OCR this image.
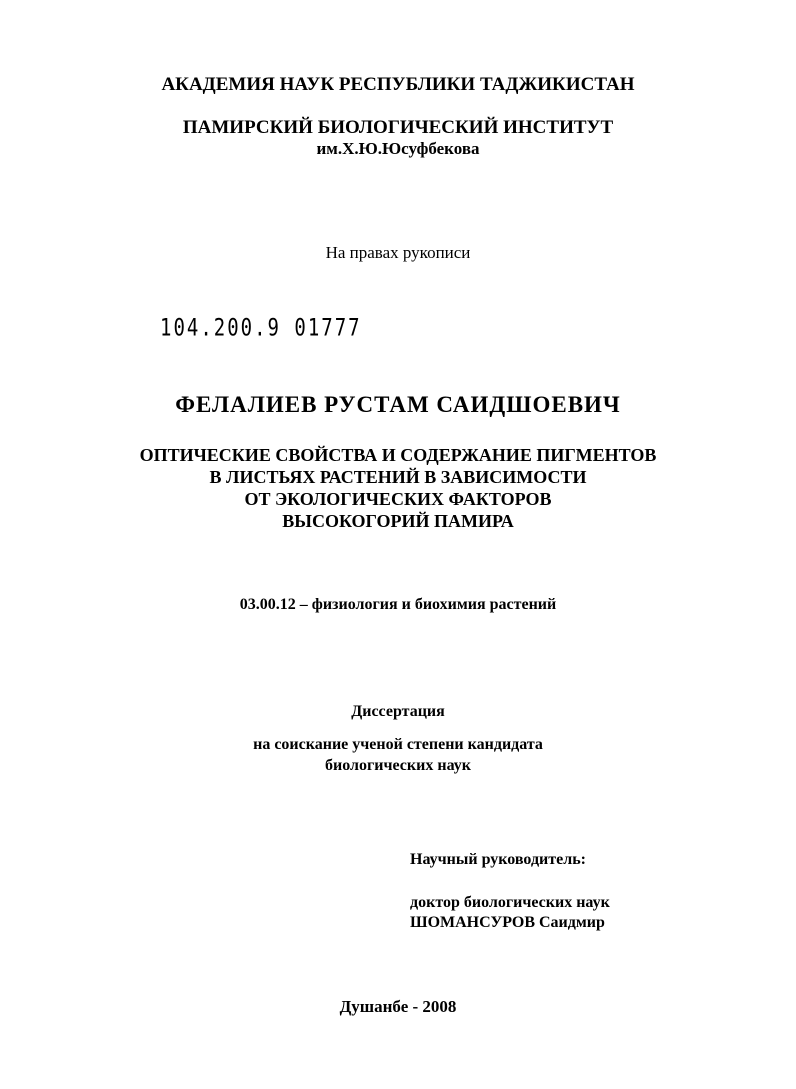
АКАДЕМИЯ НАУК РЕСПУБЛИКИ ТАДЖИКИСТАН
ПАМИРСКИЙ БИОЛОГИЧЕСКИЙ ИНСТИТУТ
им.Х.Ю.Юсуфбекова
На правах рукописи
104.200.9 01777
ФЕЛАЛИЕВ РУСТАМ САИДШОЕВИЧ
ОПТИЧЕСКИЕ СВОЙСТВА И СОДЕРЖАНИЕ ПИГМЕНТОВ
В ЛИСТЬЯХ РАСТЕНИЙ В ЗАВИСИМОСТИ
ОТ ЭКОЛОГИЧЕСКИХ ФАКТОРОВ
ВЫСОКОГОРИЙ ПАМИРА
03.00.12 – физиология и биохимия растений
Диссертация
на соискание ученой степени кандидата
биологических наук
Научный руководитель:
доктор биологических наук
ШОМАНСУРОВ Саидмир
Душанбе - 2008
